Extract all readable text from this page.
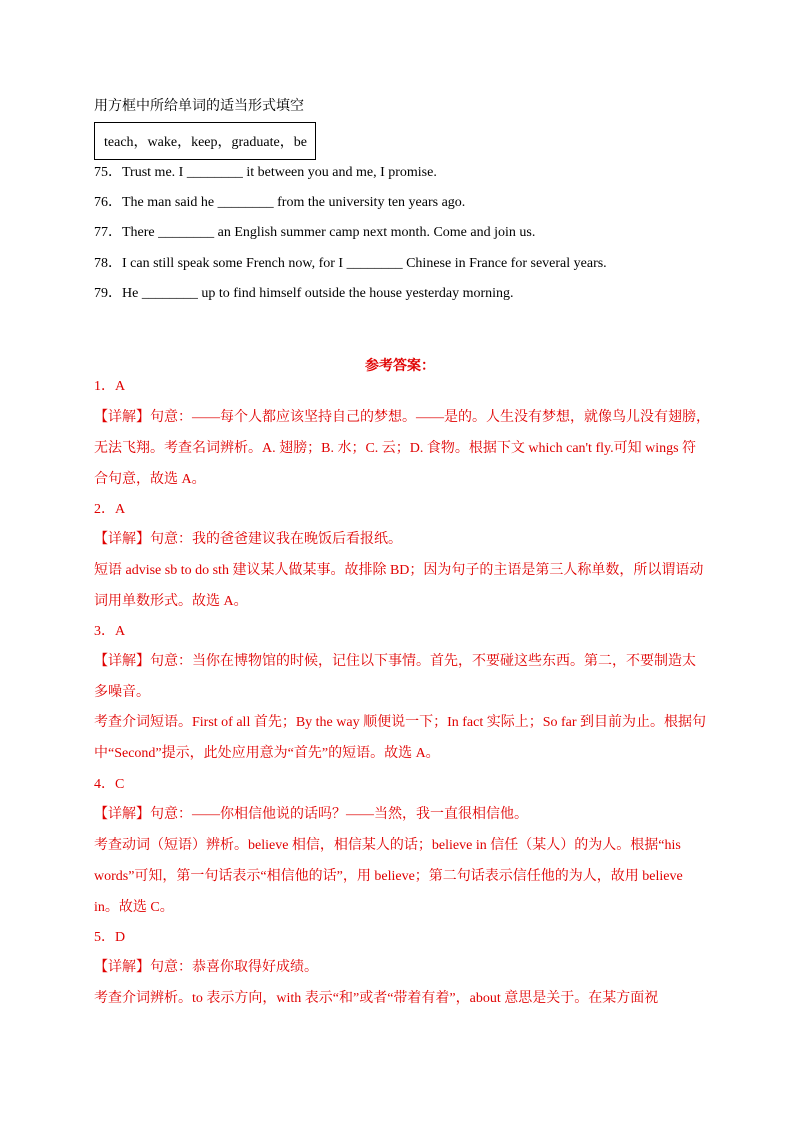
用方框中所给单词的适当形式填空
teach，wake，keep，graduate，be
75．Trust me. I ________ it between you and me, I promise.
76．The man said he ________ from the university ten years ago.
77．There ________ an English summer camp next month. Come and join us.
78．I can still speak some French now, for I ________ Chinese in France for several years.
79．He ________ up to find himself outside the house yesterday morning.
参考答案：
1．A
【详解】句意：——每个人都应该坚持自己的梦想。——是的。人生没有梦想，就像鸟儿没有翅膀，
无法飞翔。考查名词辨析。A. 翅膀；B. 水；C. 云；D. 食物。根据下文 which can't fly.可知 wings 符
合句意，故选 A。
2．A
【详解】句意：我的爸爸建议我在晚饭后看报纸。
短语 advise sb to do sth 建议某人做某事。故排除 BD；因为句子的主语是第三人称单数，所以谓语动
词用单数形式。故选 A。
3．A
【详解】句意：当你在博物馆的时候，记住以下事情。首先，不要碰这些东西。第二，不要制造太
多噪音。
考查介词短语。First of all 首先；By the way 顺便说一下；In fact 实际上；So far 到目前为止。根据句
中“Second”提示，此处应用意为“首先”的短语。故选 A。
4．C
【详解】句意：——你相信他说的话吗？——当然，我一直很相信他。
考查动词（短语）辨析。believe 相信，相信某人的话；believe in 信任（某人）的为人。根据“his
words”可知，第一句话表示“相信他的话”，用 believe；第二句话表示信任他的为人，故用 believe
in。故选 C。
5．D
【详解】句意：恭喜你取得好成绩。
考查介词辨析。to 表示方向，with 表示“和”或者“带着有着”，about 意思是关于。在某方面祝
